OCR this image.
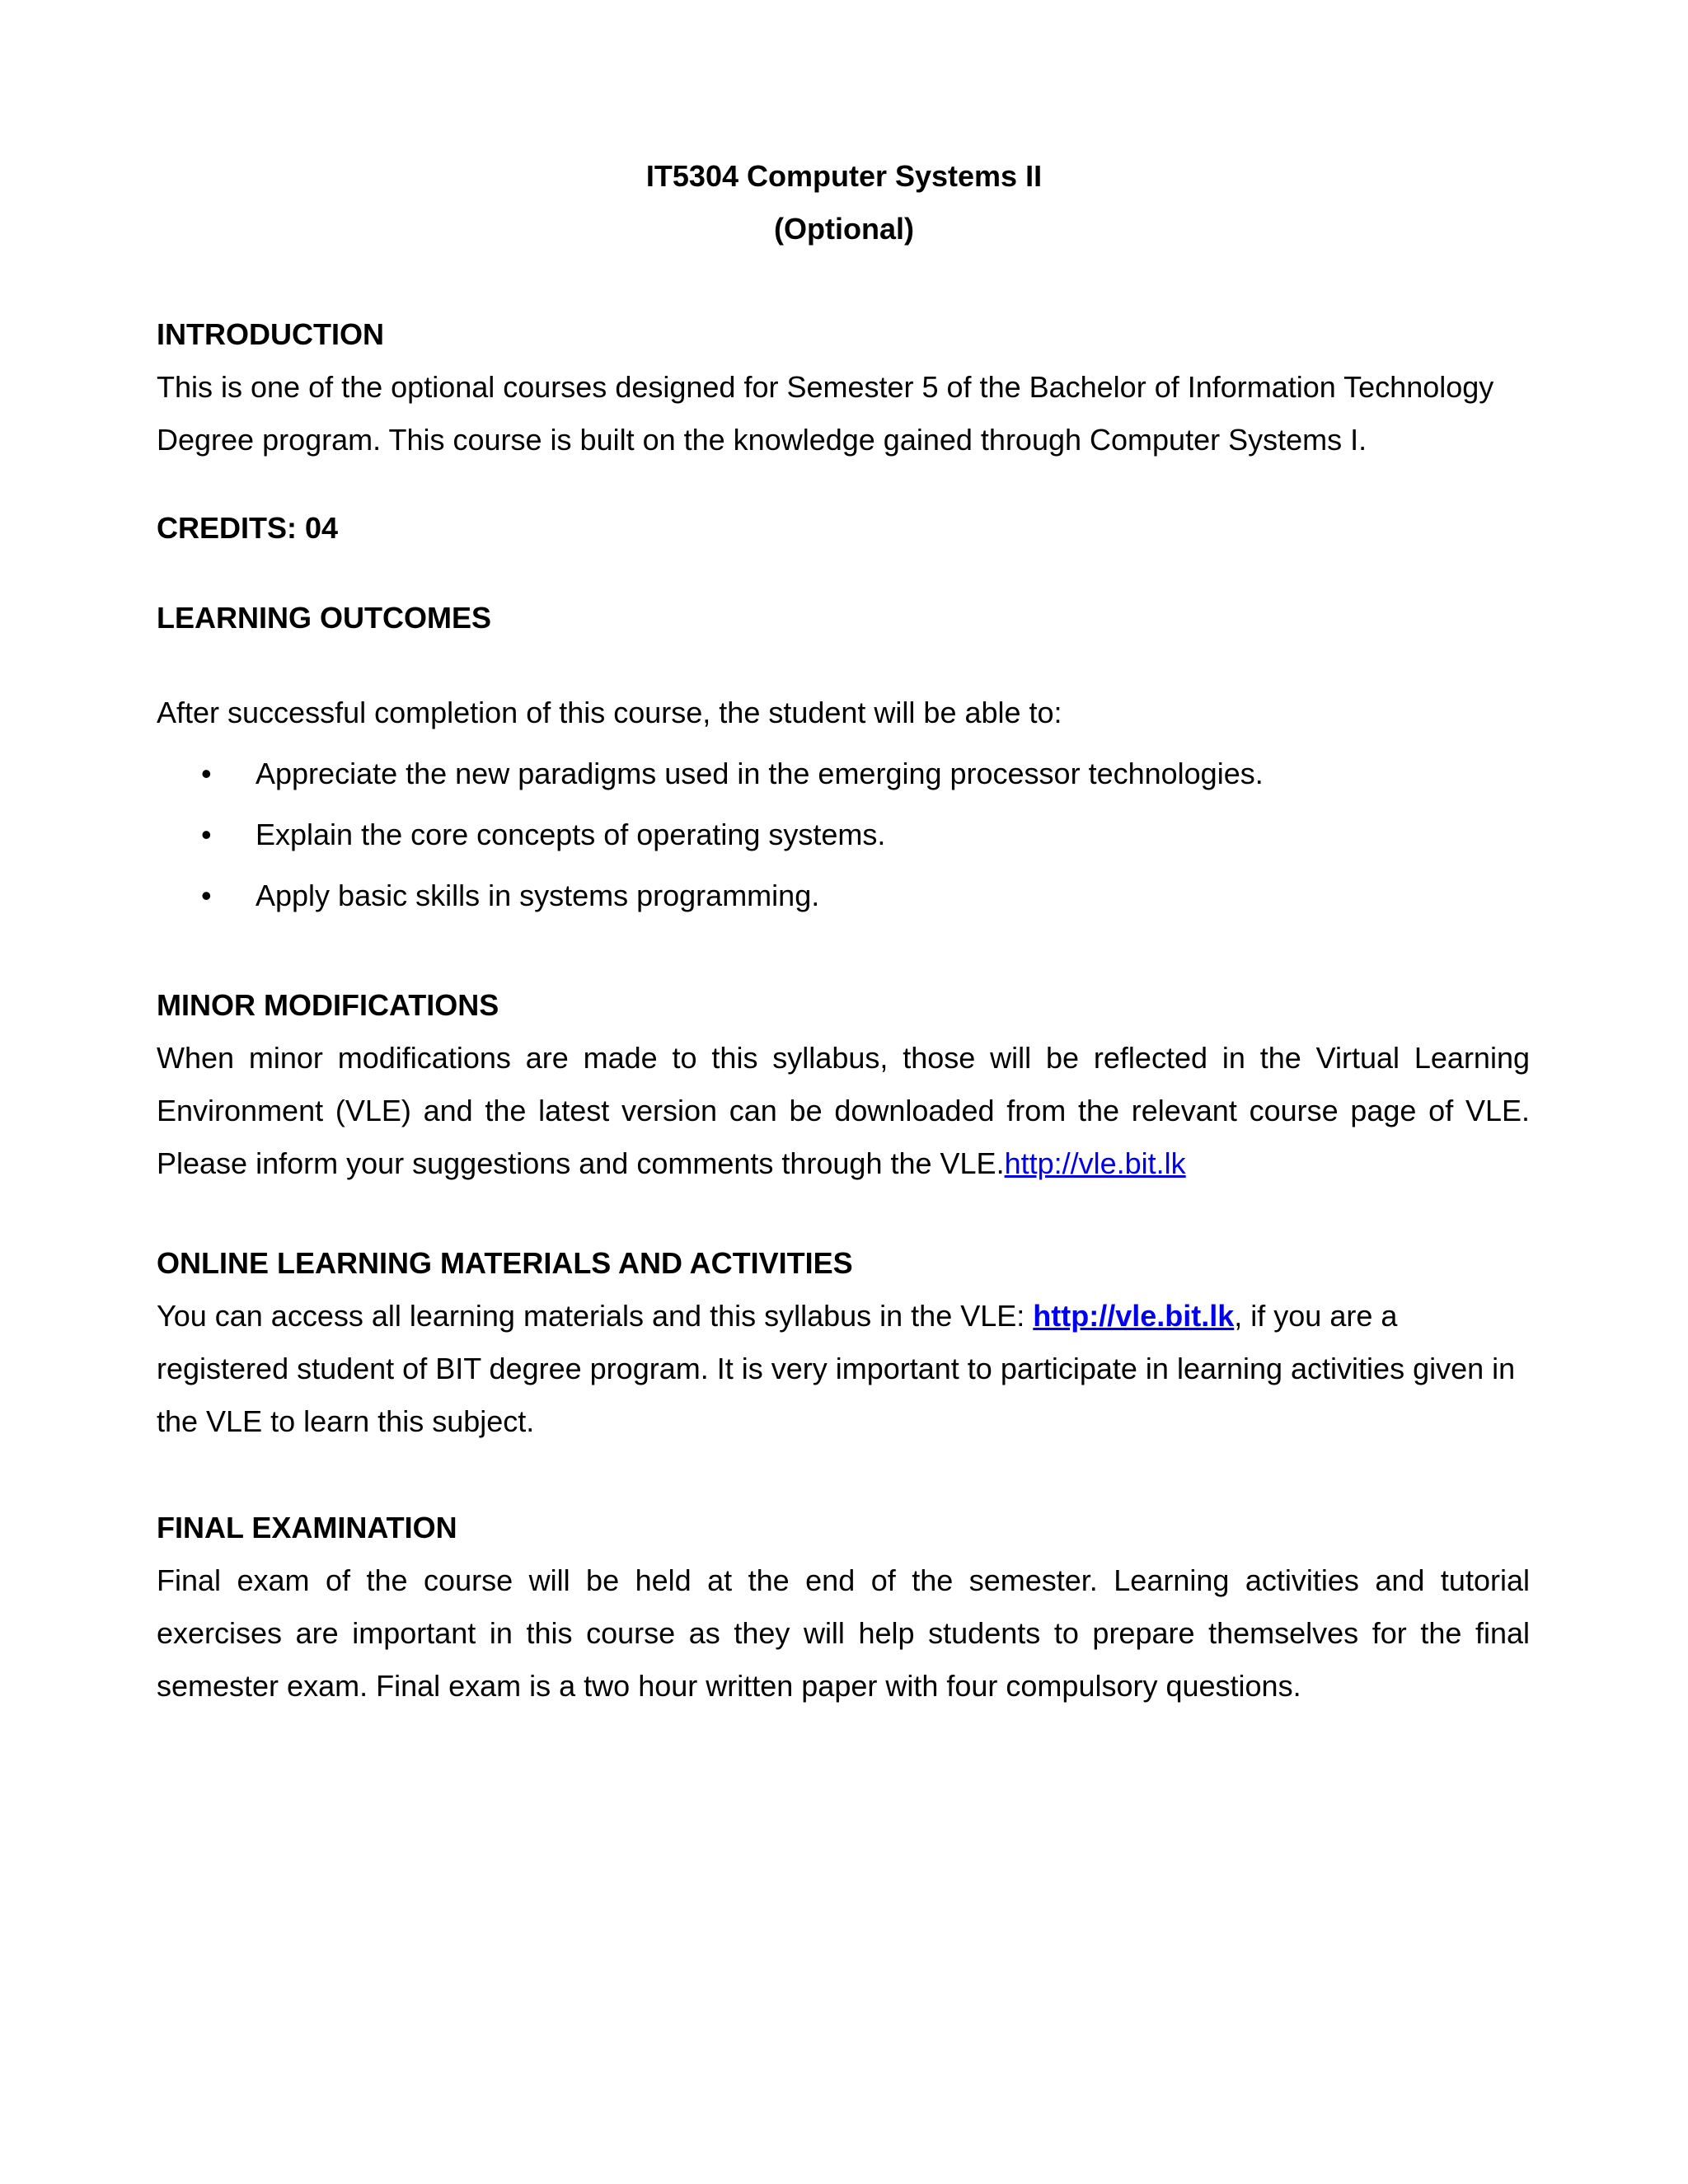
IT5304 Computer Systems II
(Optional)

INTRODUCTION

This is one of the optional courses designed for Semester 5 of the Bachelor of Information Technology Degree program. This course is built on the knowledge gained through Computer Systems I.

CREDITS: 04

LEARNING OUTCOMES

After successful completion of this course, the student will be able to:

• Appreciate the new paradigms used in the emerging processor technologies.
• Explain the core concepts of operating systems.
• Apply basic skills in systems programming.

MINOR MODIFICATIONS

When minor modifications are made to this syllabus, those will be reflected in the Virtual Learning Environment (VLE) and the latest version can be downloaded from the relevant course page of VLE. Please inform your suggestions and comments through the VLE.http://vle.bit.lk

ONLINE LEARNING MATERIALS AND ACTIVITIES

You can access all learning materials and this syllabus in the VLE: http://vle.bit.lk, if you are a registered student of BIT degree program. It is very important to participate in learning activities given in the VLE to learn this subject.

FINAL EXAMINATION

Final exam of the course will be held at the end of the semester. Learning activities and tutorial exercises are important in this course as they will help students to prepare themselves for the final semester exam. Final exam is a two hour written paper with four compulsory questions.
